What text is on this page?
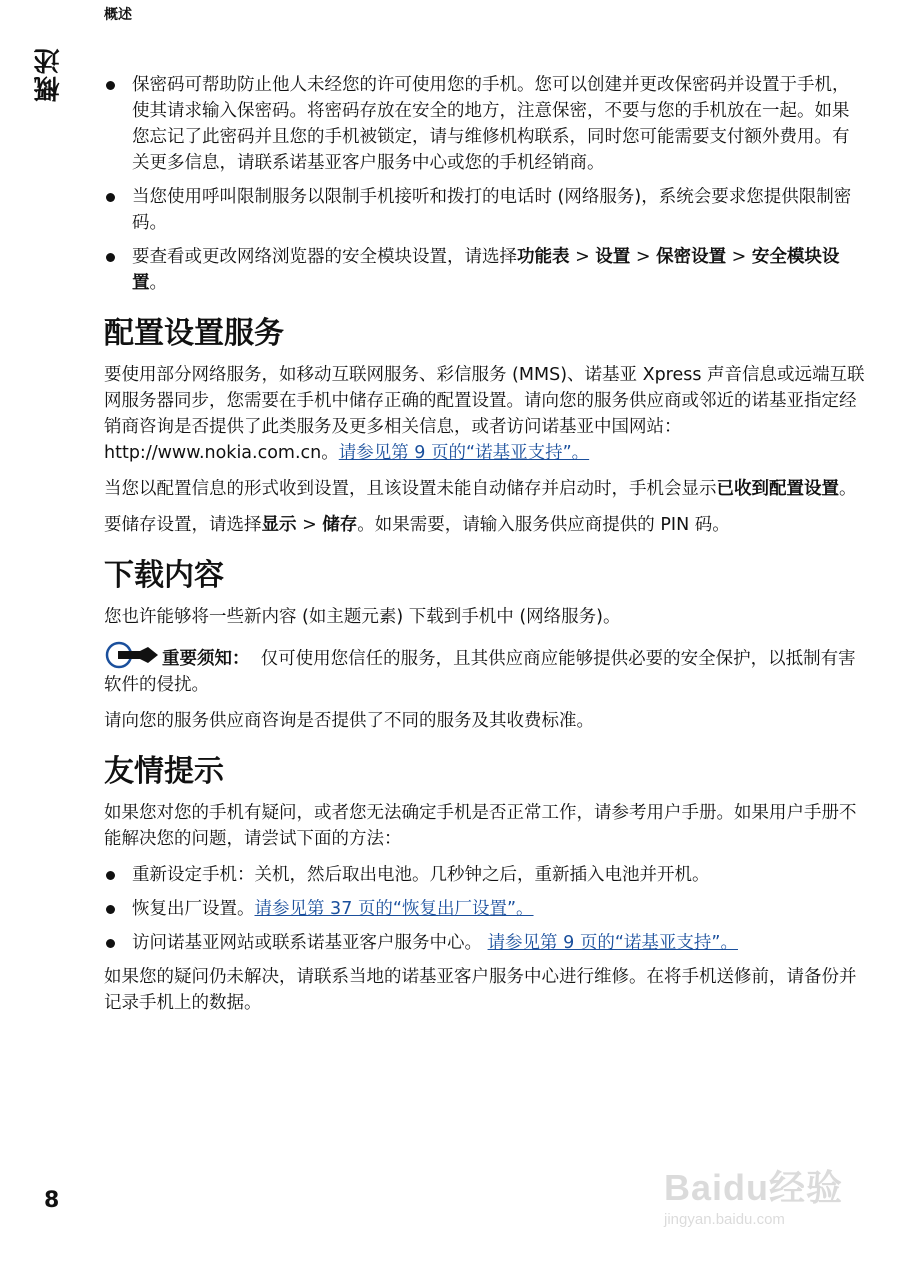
概述
概述	保密码可帮助防止他人未经您的许可使用您的手机。您可以创建并更改保密码并设置于手机，使其请求输入保密码。将密码存放在安全的地方，注意保密，不要与您的手机放在一起。如果您忘记了此密码并且您的手机被锁定，请与维修机构联系，同时您可能需要支付额外费用。有关更多信息，请联系诺基亚客户服务中心或您的手机经销商。
当您使用呼叫限制服务以限制手机接听和拨打的电话时 (网络服务)，系统会要求您提供限制密码。
要查看或更改网络浏览器的安全模块设置，请选择功能表 > 设置 > 保密设置 > 安全模块设置。
配置设置服务

要使用部分网络服务，如移动互联网服务、彩信服务 (MMS)、诺基亚 Xpress 声音信息或远端互联网服务器同步，您需要在手机中储存正确的配置设置。请向您的服务供应商或邻近的诺基亚指定经销商咨询是否提供了此类服务及更多相关信息，或者访问诺基亚中国网站：http://www.nokia.com.cn。请参见第 9 页的“诺基亚支持”。

当您以配置信息的形式收到设置，且该设置未能自动储存并启动时，手机会显示已收到配置设置。

要储存设置，请选择显示 > 储存。如果需要，请输入服务供应商提供的 PIN 码。

下载内容

您也许能够将一些新内容 (如主题元素) 下载到手机中 (网络服务)。

重要须知： 仅可使用您信任的服务，且其供应商应能够提供必要的安全保护，以抵制有害软件的侵扰。

请向您的服务供应商咨询是否提供了不同的服务及其收费标准。

友情提示

如果您对您的手机有疑问，或者您无法确定手机是否正常工作，请参考用户手册。如果用户手册不能解决您的问题，请尝试下面的方法：

重新设定手机：关机，然后取出电池。几秒钟之后，重新插入电池并开机。
恢复出厂设置。请参见第 37 页的“恢复出厂设置”。
访问诺基亚网站或联系诺基亚客户服务中心。 请参见第 9 页的“诺基亚支持”。

如果您的疑问仍未解决，请联系当地的诺基亚客户服务中心进行维修。在将手机送修前，请备份并记录手机上的数据。

8	Baidu经验
jingyan.baidu.com
